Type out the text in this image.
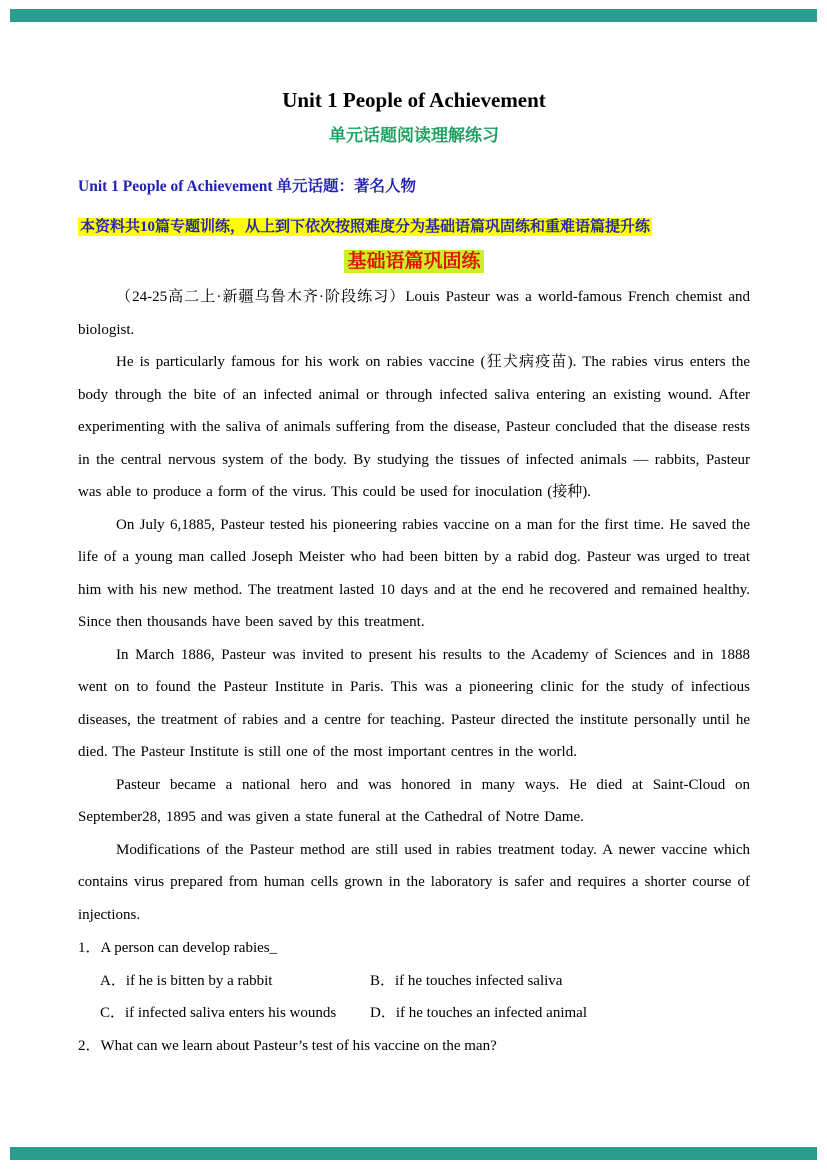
Unit 1 People of Achievement
单元话题阅读理解练习
Unit 1 People of Achievement 单元话题：著名人物
本资料共10篇专题训练，从上到下依次按照难度分为基础语篇巩固练和重难语篇提升练
基础语篇巩固练

（24-25高二上·新疆乌鲁木齐·阶段练习）Louis Pasteur was a world-famous French chemist and biologist.

He is particularly famous for his work on rabies vaccine (狂犬病疫苗). The rabies virus enters the body through the bite of an infected animal or through infected saliva entering an existing wound. After experimenting with the saliva of animals suffering from the disease, Pasteur concluded that the disease rests in the central nervous system of the body. By studying the tissues of infected animals — rabbits, Pasteur was able to produce a form of the virus. This could be used for inoculation (接种).

On July 6,1885, Pasteur tested his pioneering rabies vaccine on a man for the first time. He saved the life of a young man called Joseph Meister who had been bitten by a rabid dog. Pasteur was urged to treat him with his new method. The treatment lasted 10 days and at the end he recovered and remained healthy. Since then thousands have been saved by this treatment.

In March 1886, Pasteur was invited to present his results to the Academy of Sciences and in 1888 went on to found the Pasteur Institute in Paris. This was a pioneering clinic for the study of infectious diseases, the treatment of rabies and a centre for teaching. Pasteur directed the institute personally until he died. The Pasteur Institute is still one of the most important centres in the world.

Pasteur became a national hero and was honored in many ways. He died at Saint-Cloud on September28, 1895 and was given a state funeral at the Cathedral of Notre Dame.

Modifications of the Pasteur method are still used in rabies treatment today. A newer vaccine which contains virus prepared from human cells grown in the laboratory is safer and requires a shorter course of injections.

1．A person can develop rabies_
A．if he is bitten by a rabbit	B．if he touches infected saliva
C．if infected saliva enters his wounds	D．if he touches an infected animal
2．What can we learn about Pasteur’s test of his vaccine on the man?
